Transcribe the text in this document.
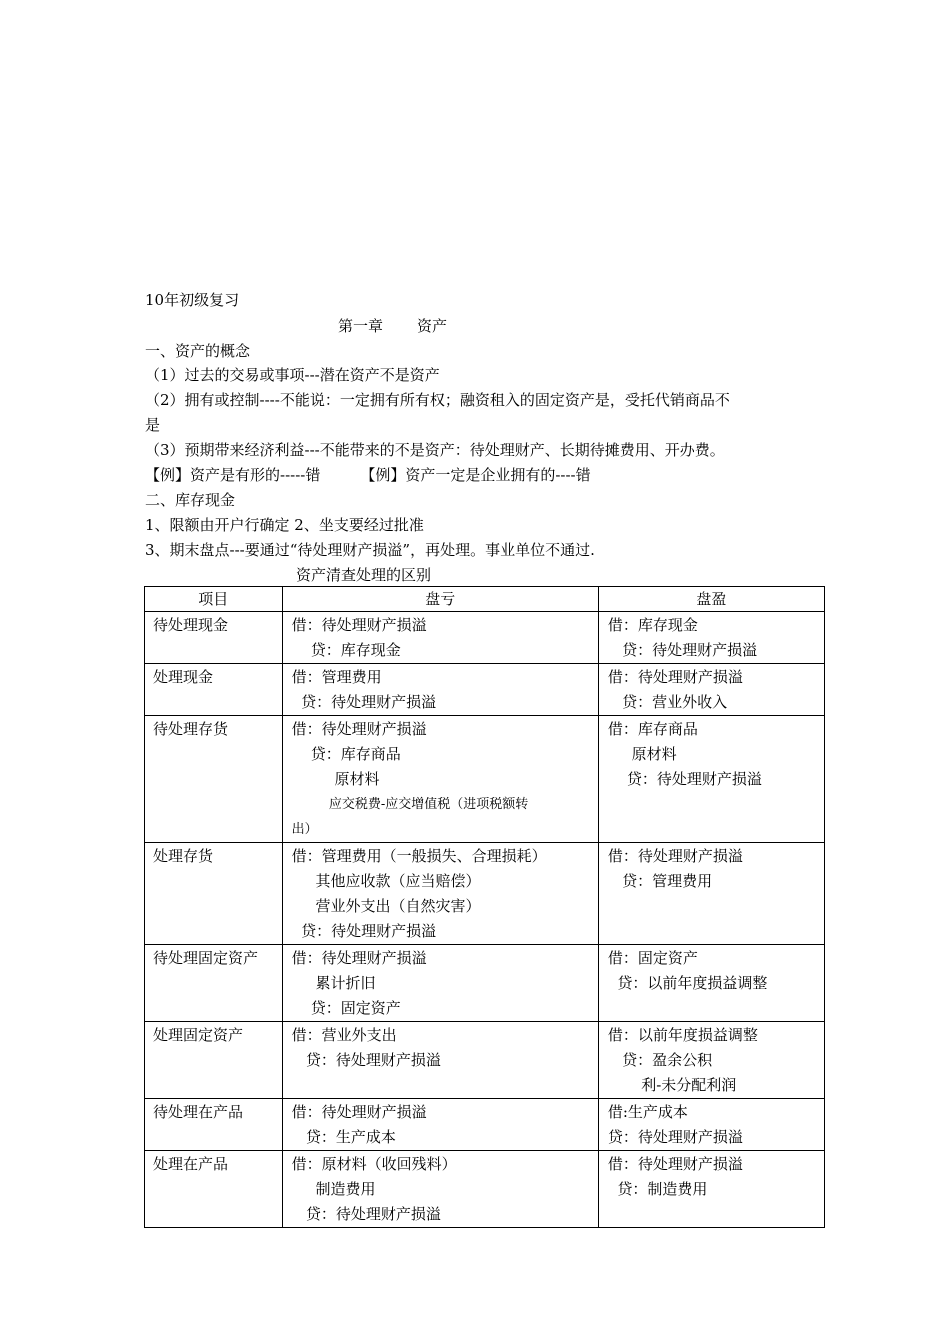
10年初级复习
第一章 资产
一、资产的概念
（1）过去的交易或事项---潜在资产不是资产
（2）拥有或控制----不能说：一定拥有所有权；融资租入的固定资产是，受托代销商品不
是
（3）预期带来经济利益---不能带来的不是资产：待处理财产、长期待摊费用、开办费。
【例】资产是有形的-----错	【例】资产一定是企业拥有的----错
二、库存现金
1、限额由开户行确定 2、坐支要经过批准
3、期末盘点---要通过“待处理财产损溢”，再处理。事业单位不通过.
资产清查处理的区别
项目	盘亏	盘盈

待处理现金	借：待处理财产损溢
贷：库存现金	借：库存现金
贷：待处理财产损溢

处理现金	借：管理费用
贷：待处理财产损溢	借：待处理财产损溢
贷：营业外收入

待处理存货	借：待处理财产损溢
贷：库存商品
原材料
应交税费-应交增值税（进项税额转
出）	借：库存商品
原材料
贷：待处理财产损溢

处理存货	借：管理费用（一般损失、合理损耗）
其他应收款（应当赔偿）
营业外支出（自然灾害）
贷：待处理财产损溢	借：待处理财产损溢
贷：管理费用

待处理固定资产	借：待处理财产损溢
累计折旧
贷：固定资产	借：固定资产
贷：以前年度损益调整

处理固定资产	借：营业外支出
贷：待处理财产损溢	借：以前年度损益调整
贷：盈余公积
利-未分配利润

待处理在产品	借：待处理财产损溢
贷：生产成本	借:生产成本
贷：待处理财产损溢

处理在产品	借：原材料（收回残料）
制造费用
贷：待处理财产损溢	借：待处理财产损溢
贷：制造费用
